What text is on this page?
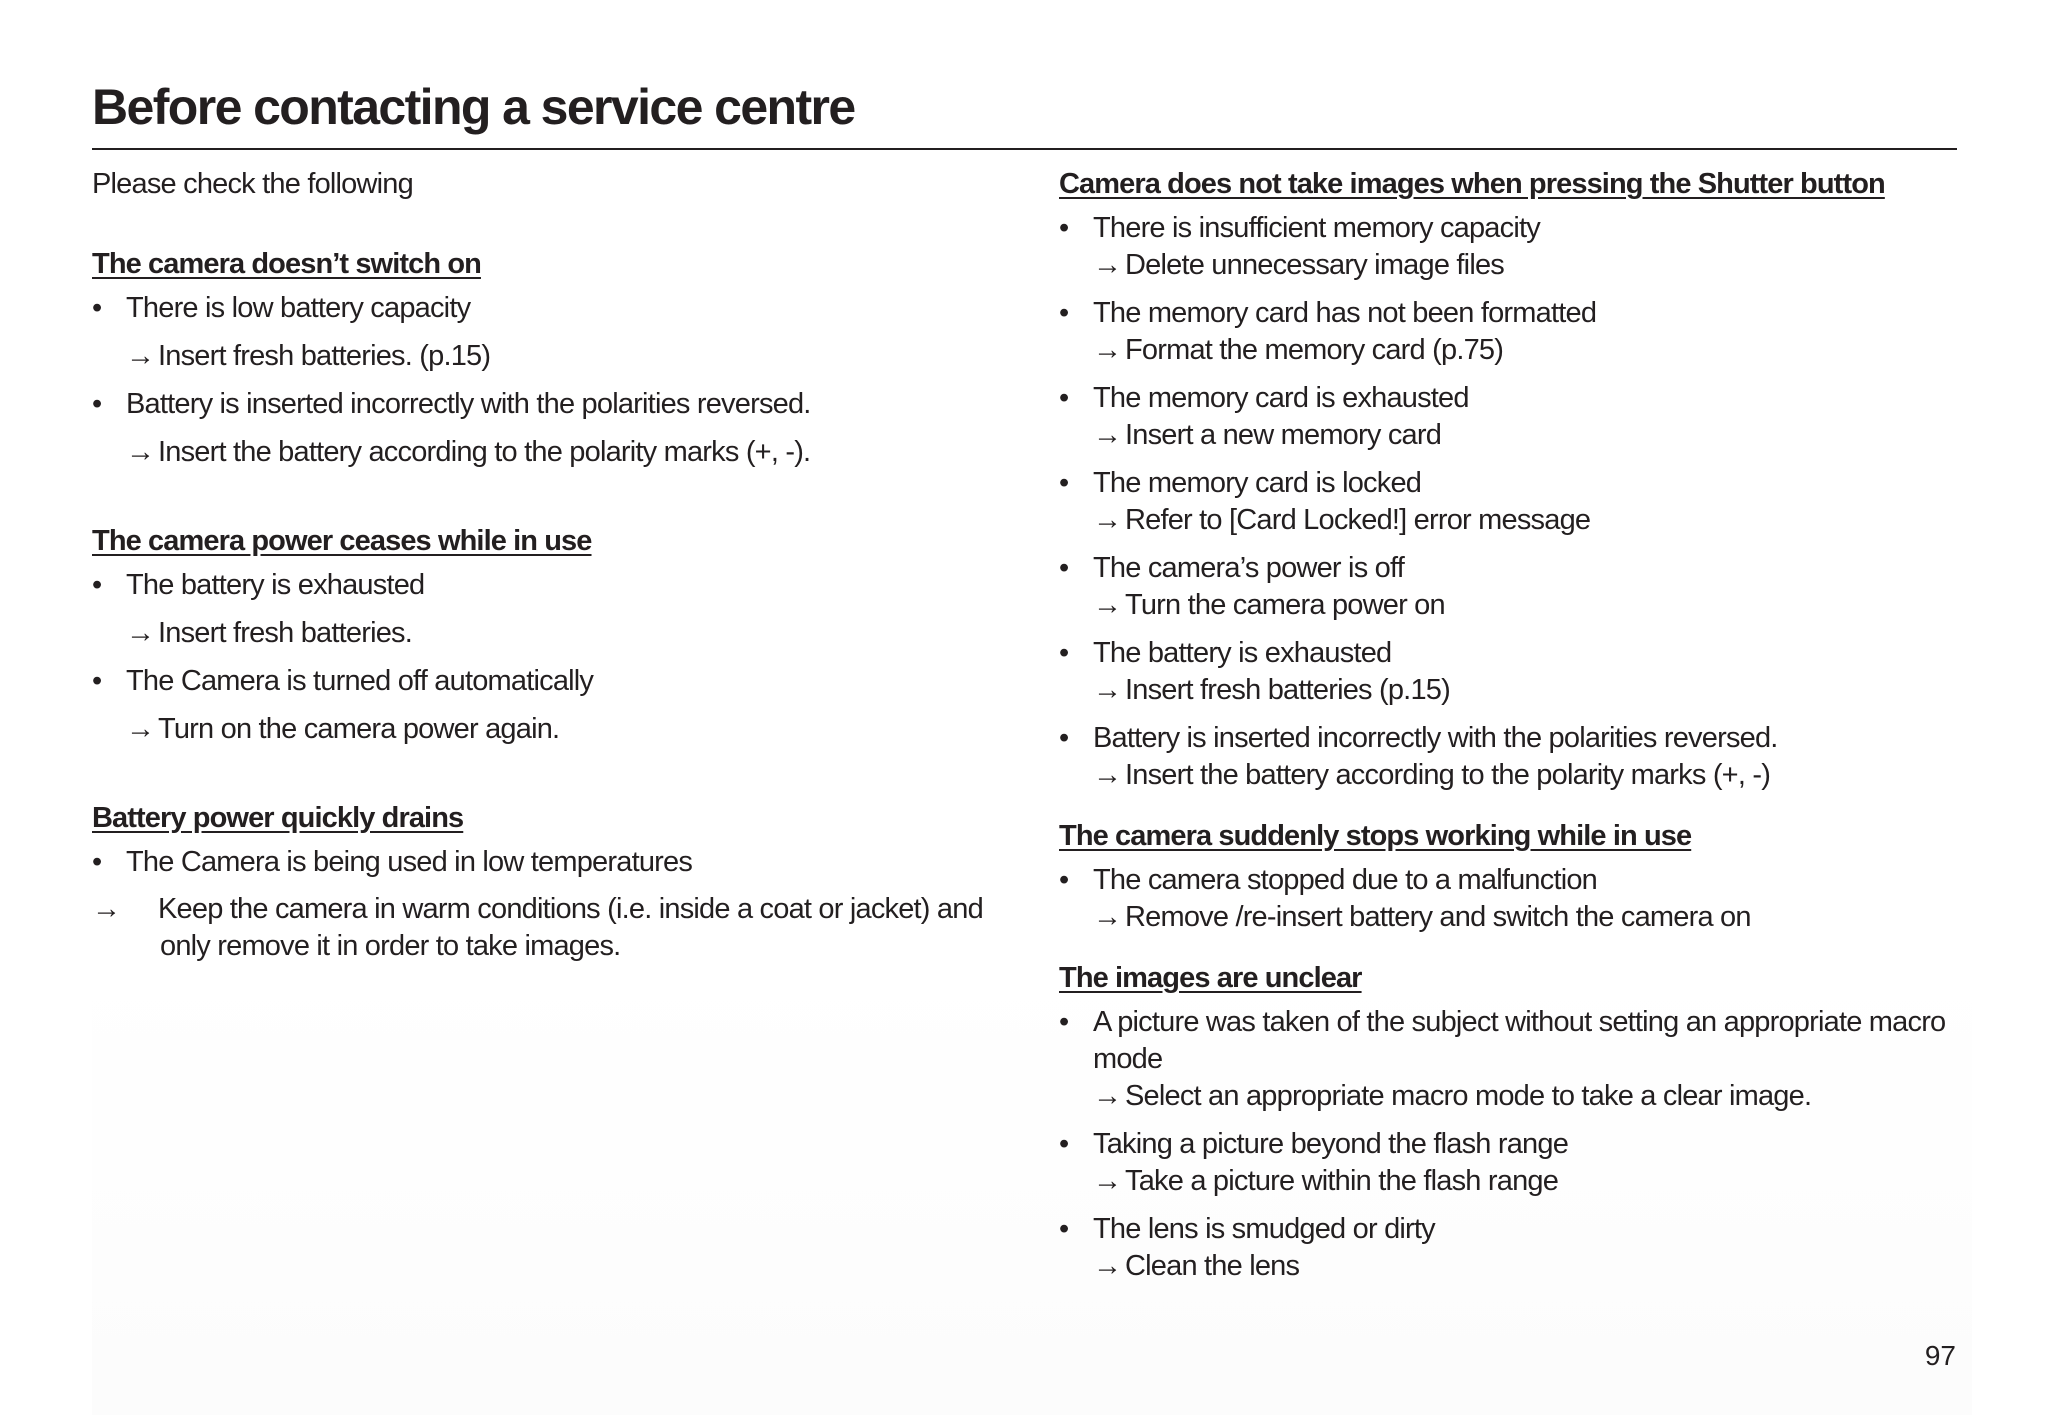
Before contacting a service centre

Please check the following

The camera doesn’t switch on
• There is low battery capacity
→ Insert fresh batteries. (p.15)
• Battery is inserted incorrectly with the polarities reversed.
→ Insert the battery according to the polarity marks (+, -).
The camera power ceases while in use
• The battery is exhausted
→ Insert fresh batteries.
• The Camera is turned off automatically
→ Turn on the camera power again.
Battery power quickly drains
• The Camera is being used in low temperatures
→ Keep the camera in warm conditions (i.e. inside a coat or jacket) and only remove it in order to take images.
Camera does not take images when pressing the Shutter button
• There is insufficient memory capacity
→ Delete unnecessary image files
• The memory card has not been formatted
→ Format the memory card (p.75)
• The memory card is exhausted
→ Insert a new memory card
• The memory card is locked
→ Refer to [Card Locked!] error message
• The camera’s power is off
→ Turn the camera power on
• The battery is exhausted
→ Insert fresh batteries (p.15)
• Battery is inserted incorrectly with the polarities reversed.
→ Insert the battery according to the polarity marks (+, -)
The camera suddenly stops working while in use
• The camera stopped due to a malfunction
→ Remove /re-insert battery and switch the camera on
The images are unclear
• A picture was taken of the subject without setting an appropriate macro mode
→ Select an appropriate macro mode to take a clear image.
• Taking a picture beyond the flash range
→ Take a picture within the flash range
• The lens is smudged or dirty
→ Clean the lens
97
